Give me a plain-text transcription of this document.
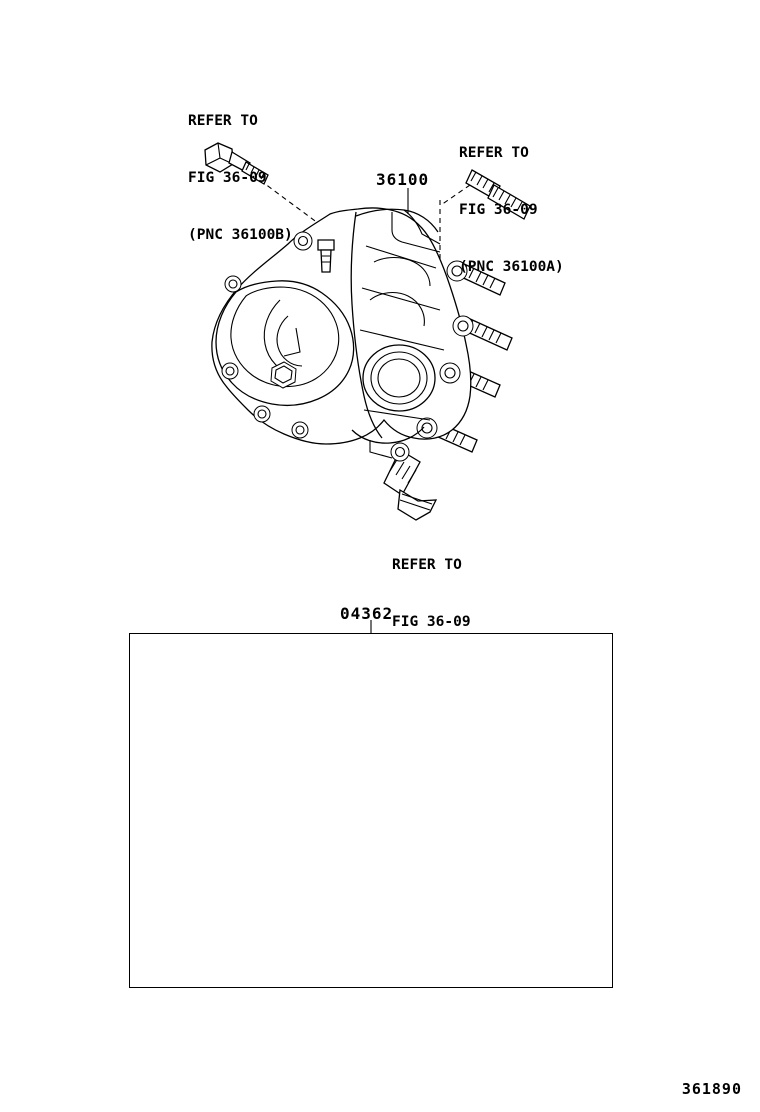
REFER TO

FIG 36-09

(PNC 36100B)

REFER TO

FIG 36-09

(PNC 36100A)

REFER TO

FIG 36-09

36100
04362
361890
